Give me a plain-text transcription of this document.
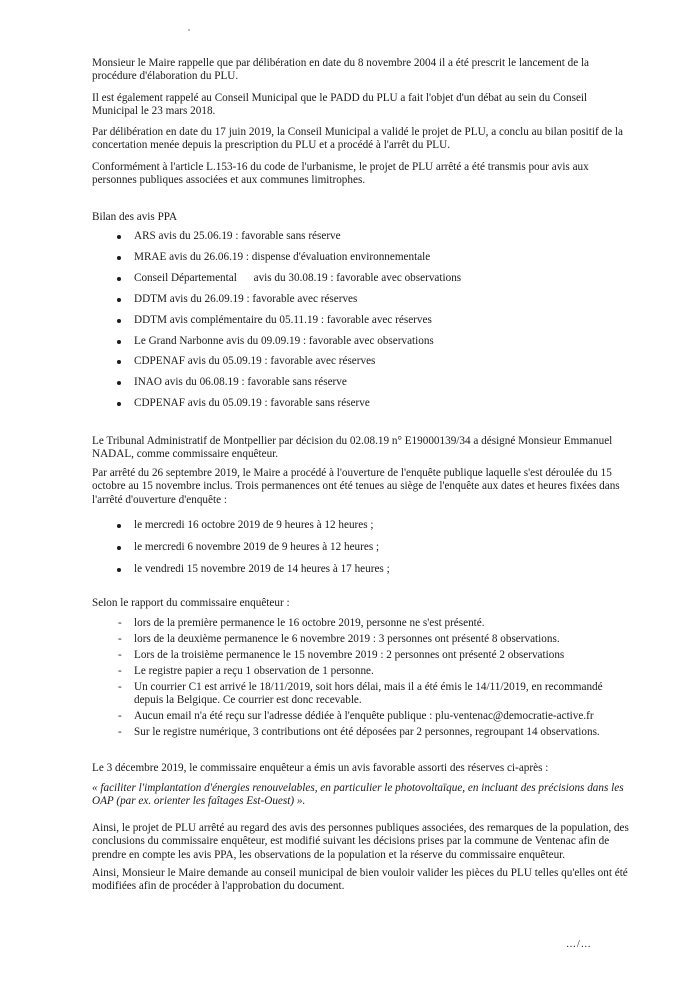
Monsieur le Maire rappelle que par délibération en date du 8 novembre 2004 il a été prescrit le lancement de la procédure d'élaboration du PLU.

Il est également rappelé au Conseil Municipal que le PADD du PLU a fait l'objet d'un débat au sein du Conseil Municipal le 23 mars 2018.

Par délibération en date du 17 juin 2019, la Conseil Municipal a validé le projet de PLU, a conclu au bilan positif de la concertation menée depuis la prescription du PLU et a procédé à l'arrêt du PLU.

Conformément à l'article L.153-16 du code de l'urbanisme, le projet de PLU arrêté a été transmis pour avis aux personnes publiques associées et aux communes limitrophes.

Bilan des avis PPA

ARS avis du 25.06.19 : favorable sans réserve
MRAE avis du 26.06.19 : dispense d'évaluation environnementale
Conseil Départemental      avis du 30.08.19 : favorable avec observations
DDTM avis du 26.09.19 : favorable avec réserves
DDTM avis complémentaire du 05.11.19 : favorable avec réserves
Le Grand Narbonne avis du 09.09.19 : favorable avec observations
CDPENAF avis du 05.09.19 : favorable avec réserves
INAO avis du 06.08.19 : favorable sans réserve
CDPENAF avis du 05.09.19 : favorable sans réserve

Le Tribunal Administratif de Montpellier par décision du 02.08.19 n° E19000139/34 a désigné Monsieur Emmanuel NADAL, comme commissaire enquêteur.

Par arrêté du 26 septembre 2019, le Maire a procédé à l'ouverture de l'enquête publique laquelle s'est déroulée du 15 octobre au 15 novembre inclus. Trois permanences ont été tenues au siège de l'enquête aux dates et heures fixées dans l'arrêté d'ouverture d'enquête :

le mercredi 16 octobre 2019 de 9 heures à 12 heures ;
le mercredi 6 novembre 2019 de 9 heures à 12 heures ;
le vendredi 15 novembre 2019 de 14 heures à 17 heures ;

Selon le rapport du commissaire enquêteur :

- lors de la première permanence le 16 octobre 2019, personne ne s'est présenté.
- lors de la deuxième permanence le 6 novembre 2019 : 3 personnes ont présenté 8 observations.
- Lors de la troisième permanence le 15 novembre 2019 : 2 personnes ont présenté 2 observations
- Le registre papier a reçu 1 observation de 1 personne.
- Un courrier C1 est arrivé le 18/11/2019, soit hors délai, mais il a été émis le 14/11/2019, en recommandé depuis la Belgique. Ce courrier est donc recevable.
- Aucun email n'a été reçu sur l'adresse dédiée à l'enquête publique : plu-ventenac@democratie-active.fr
- Sur le registre numérique, 3 contributions ont été déposées par 2 personnes, regroupant 14 observations.

Le 3 décembre 2019, le commissaire enquêteur a émis un avis favorable assorti des réserves ci-après :

« faciliter l'implantation d'énergies renouvelables, en particulier le photovoltaïque, en incluant des précisions dans les OAP (par ex. orienter les faîtages Est-Ouest) ».

Ainsi, le projet de PLU arrêté au regard des avis des personnes publiques associées, des remarques de la population, des conclusions du commissaire enquêteur, est modifié suivant les décisions prises par la commune de Ventenac afin de prendre en compte les avis PPA, les observations de la population et la réserve du commissaire enquêteur.

Ainsi, Monsieur le Maire demande au conseil municipal de bien vouloir valider les pièces du PLU telles qu'elles ont été modifiées afin de procéder à l'approbation du document.

…/…
